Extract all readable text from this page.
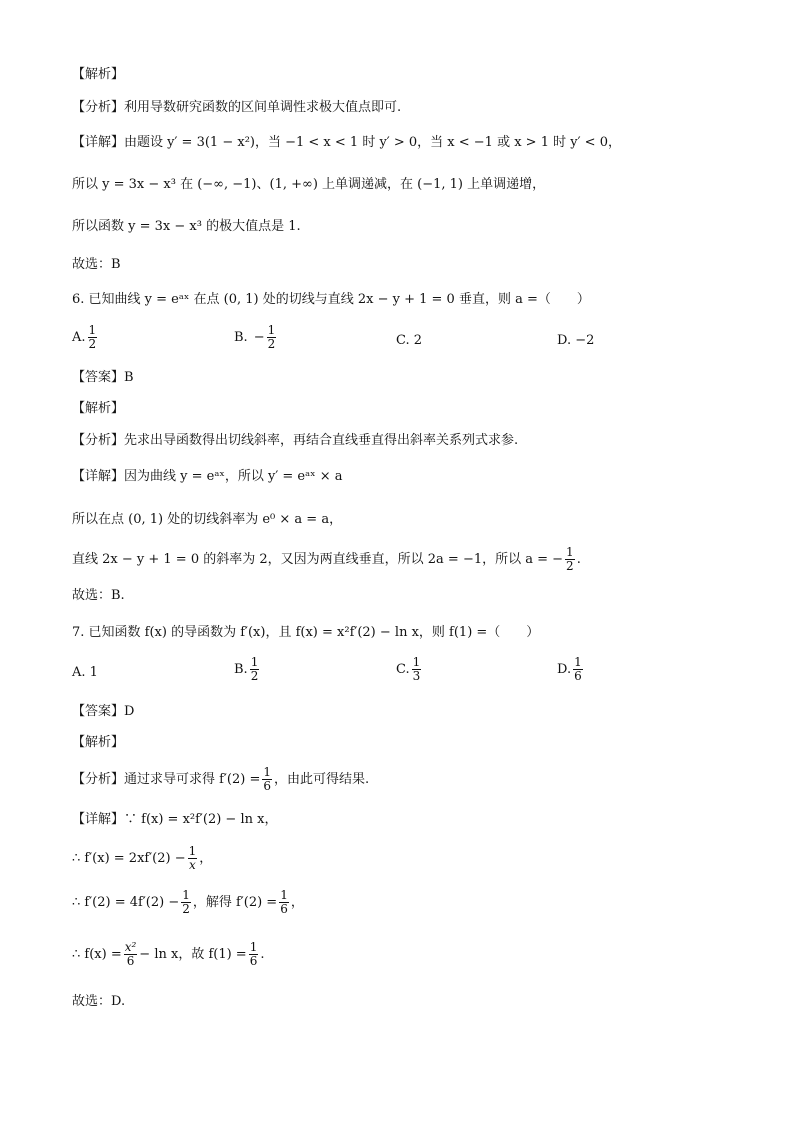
【解析】
【分析】利用导数研究函数的区间单调性求极大值点即可.
【详解】由题设 y′ = 3(1 − x²)，当 −1 < x < 1 时 y′ > 0，当 x < −1 或 x > 1 时 y′ < 0，
所以 y = 3x − x³ 在 (−∞, −1)、(1, +∞) 上单调递减，在 (−1, 1) 上单调递增，
所以函数 y = 3x − x³ 的极大值点是 1.
故选：B
6. 已知曲线 y = eᵃˣ 在点 (0, 1) 处的切线与直线 2x − y + 1 = 0 垂直，则 a =（　　）
A. $\frac{1}{2}$	B. − $\frac{1}{2}$	C. 2	D. −2
【答案】B
【解析】
【分析】先求出导函数得出切线斜率，再结合直线垂直得出斜率关系列式求参.
【详解】因为曲线 y = eᵃˣ，所以 y′ = eᵃˣ × a
所以在点 (0, 1) 处的切线斜率为 e⁰ × a = a，
直线 2x − y + 1 = 0 的斜率为 2，又因为两直线垂直，所以 2a = −1，所以 a = − $\frac{1}{2}$ .
故选：B.
7. 已知函数 f(x) 的导函数为 f′(x)，且 f(x) = x²f′(2) − ln x，则 f(1) =（　　）
A. 1	B. $\frac{1}{2}$	C. $\frac{1}{3}$	D. $\frac{1}{6}$
【答案】D
【解析】
【分析】通过求导可求得 $f'(2) = \frac{1}{6}$ ，由此可得结果.
【详解】∵ f(x) = x²f′(2) − ln x，
∴ $f'(x) = 2xf'(2) - \frac{1}{x}$ ，
∴ $f'(2) = 4f'(2) - \frac{1}{2}$ ，解得 $f'(2) = \frac{1}{6}$ ，
∴ $f(x) = \frac{\text{x²}}{6} - \ln x$，故 $f(1) = \frac{1}{6}$ .
故选：D.
